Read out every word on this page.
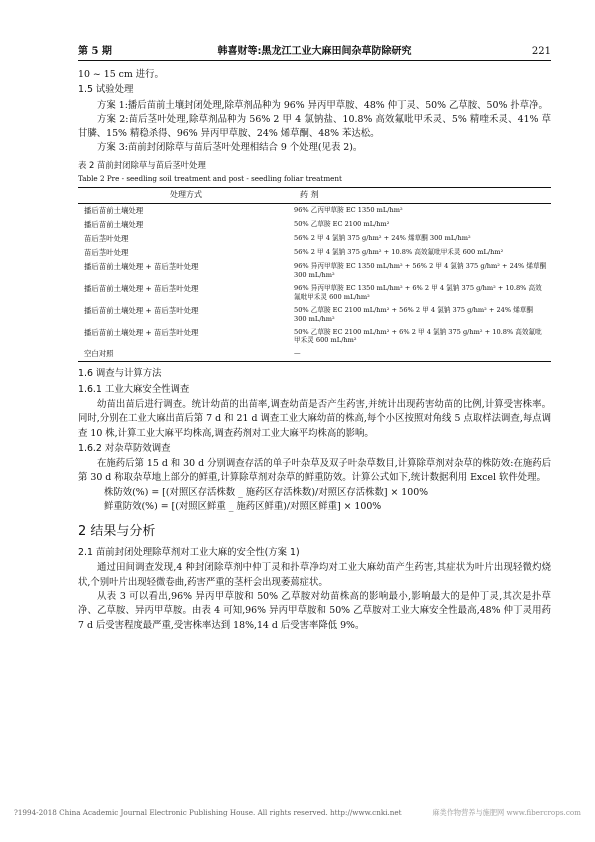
第 5 期	韩喜财等:黑龙江工业大麻田间杂草防除研究	221

10 ~ 15 cm 进行。

1.5 试验处理

方案 1:播后苗前土壤封闭处理,除草剂品种为 96% 异丙甲草胺、48% 仲丁灵、50% 乙草胺、50% 扑草净。

方案 2:苗后茎叶处理,除草剂品种为 56% 2 甲 4 氯钠盐、10.8% 高效氟吡甲禾灵、5% 精喹禾灵、41% 草甘膦、15% 精稳杀得、96% 异丙甲草胺、24% 烯草酮、48% 苯达松。

方案 3:苗前封闭除草与苗后茎叶处理相结合 9 个处理(见表 2)。

表 2 苗前封闭除草与苗后茎叶处理
Table 2 Pre - seedling soil treatment and post - seedling foliar treatment
处理方式	药 剂
播后苗前土壤处理	96% 乙丙甲草胺 EC 1350 mL/hm²
播后苗前土壤处理	50% 乙草胺 EC 2100 mL/hm²
苗后茎叶处理	56% 2 甲 4 氯钠 375 g/hm² + 24% 烯草酮 300 mL/hm²
苗后茎叶处理	56% 2 甲 4 氯钠 375 g/hm² + 10.8% 高效氟吡甲禾灵 600 mL/hm²
播后苗前土壤处理 + 苗后茎叶处理	96% 异丙甲草胺 EC 1350 mL/hm² + 56% 2 甲 4 氯钠 375 g/hm² + 24% 烯草酮 300 mL/hm²
播后苗前土壤处理 + 苗后茎叶处理	96% 异丙甲草胺 EC 1350 mL/hm² + 6% 2 甲 4 氯钠 375 g/hm² + 10.8% 高效氟吡甲禾灵 600 mL/hm²
播后苗前土壤处理 + 苗后茎叶处理	50% 乙草胺 EC 2100 mL/hm² + 56% 2 甲 4 氯钠 375 g/hm² + 24% 烯草酮 300 mL/hm²
播后苗前土壤处理 + 苗后茎叶处理	50% 乙草胺 EC 2100 mL/hm² + 6% 2 甲 4 氯钠 375 g/hm² + 10.8% 高效氟吡甲禾灵 600 mL/hm²
空白对照	—
1.6 调查与计算方法
1.6.1 工业大麻安全性调查

幼苗出苗后进行调查。统计幼苗的出苗率,调查幼苗是否产生药害,并统计出现药害幼苗的比例,计算受害株率。同时,分别在工业大麻出苗后第 7 d 和 21 d 调查工业大麻幼苗的株高,每个小区按照对角线 5 点取样法调查,每点调查 10 株,计算工业大麻平均株高,调查药剂对工业大麻平均株高的影响。

1.6.2 对杂草防效调查

在施药后第 15 d 和 30 d 分别调查存活的单子叶杂草及双子叶杂草数目,计算除草剂对杂草的株防效:在施药后第 30 d 称取杂草地上部分的鲜重,计算除草剂对杂草的鲜重防效。计算公式如下,统计数据利用 Excel 软件处理。

株防效(%) = [(对照区存活株数 _ 施药区存活株数)/对照区存活株数] × 100%

鲜重防效(%) = [(对照区鲜重 _ 施药区鲜重)/对照区鲜重] × 100%

2 结果与分析
2.1 苗前封闭处理除草剂对工业大麻的安全性(方案 1)

通过田间调查发现,4 种封闭除草剂中仲丁灵和扑草净均对工业大麻幼苗产生药害,其症状为叶片出现轻微灼烧状,个别叶片出现轻微卷曲,药害严重的茎杆会出现萎蔫症状。

从表 3 可以看出,96% 异丙甲草胺和 50% 乙草胺对幼苗株高的影响最小,影响最大的是仲丁灵,其次是扑草净、乙草胺、异丙甲草胺。由表 4 可知,96% 异丙甲草胺和 50% 乙草胺对工业大麻安全性最高,48% 仲丁灵用药 7 d 后受害程度最严重,受害株率达到 18%,14 d 后受害率降低 9%。

?1994-2018 China Academic Journal Electronic Publishing House. All rights reserved. http://www.cnki.net	麻类作物营养与施肥网 www.fibercrops.com
